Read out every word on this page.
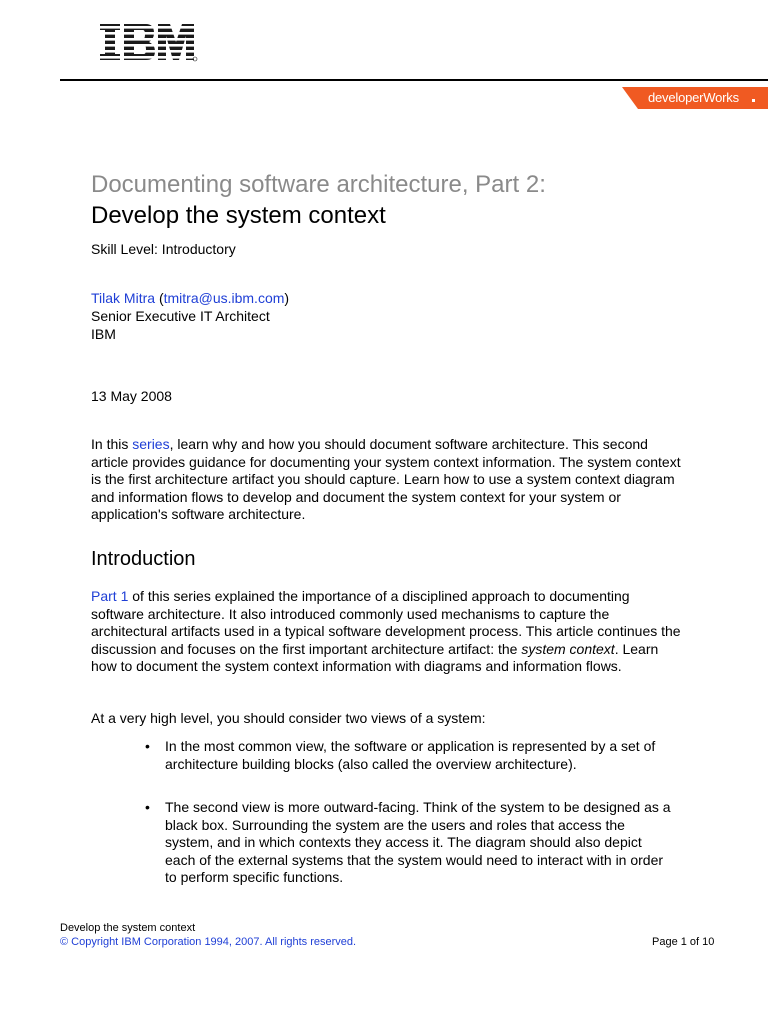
developerWorks
Documenting software architecture, Part 2:
Develop the system context
Skill Level: Introductory
Tilak Mitra (tmitra@us.ibm.com)
Senior Executive IT Architect
IBM
13 May 2008
In this series, learn why and how you should document software architecture. This second article provides guidance for documenting your system context information. The system context is the first architecture artifact you should capture. Learn how to use a system context diagram and information flows to develop and document the system context for your system or application's software architecture.
Introduction
Part 1 of this series explained the importance of a disciplined approach to documenting software architecture. It also introduced commonly used mechanisms to capture the architectural artifacts used in a typical software development process. This article continues the discussion and focuses on the first important architecture artifact: the system context. Learn how to document the system context information with diagrams and information flows.
At a very high level, you should consider two views of a system:
• In the most common view, the software or application is represented by a set of architecture building blocks (also called the overview architecture).
• The second view is more outward-facing. Think of the system to be designed as a black box. Surrounding the system are the users and roles that access the system, and in which contexts they access it. The diagram should also depict each of the external systems that the system would need to interact with in order to perform specific functions.
Develop the system context
© Copyright IBM Corporation 1994, 2007. All rights reserved.	Page 1 of 10
